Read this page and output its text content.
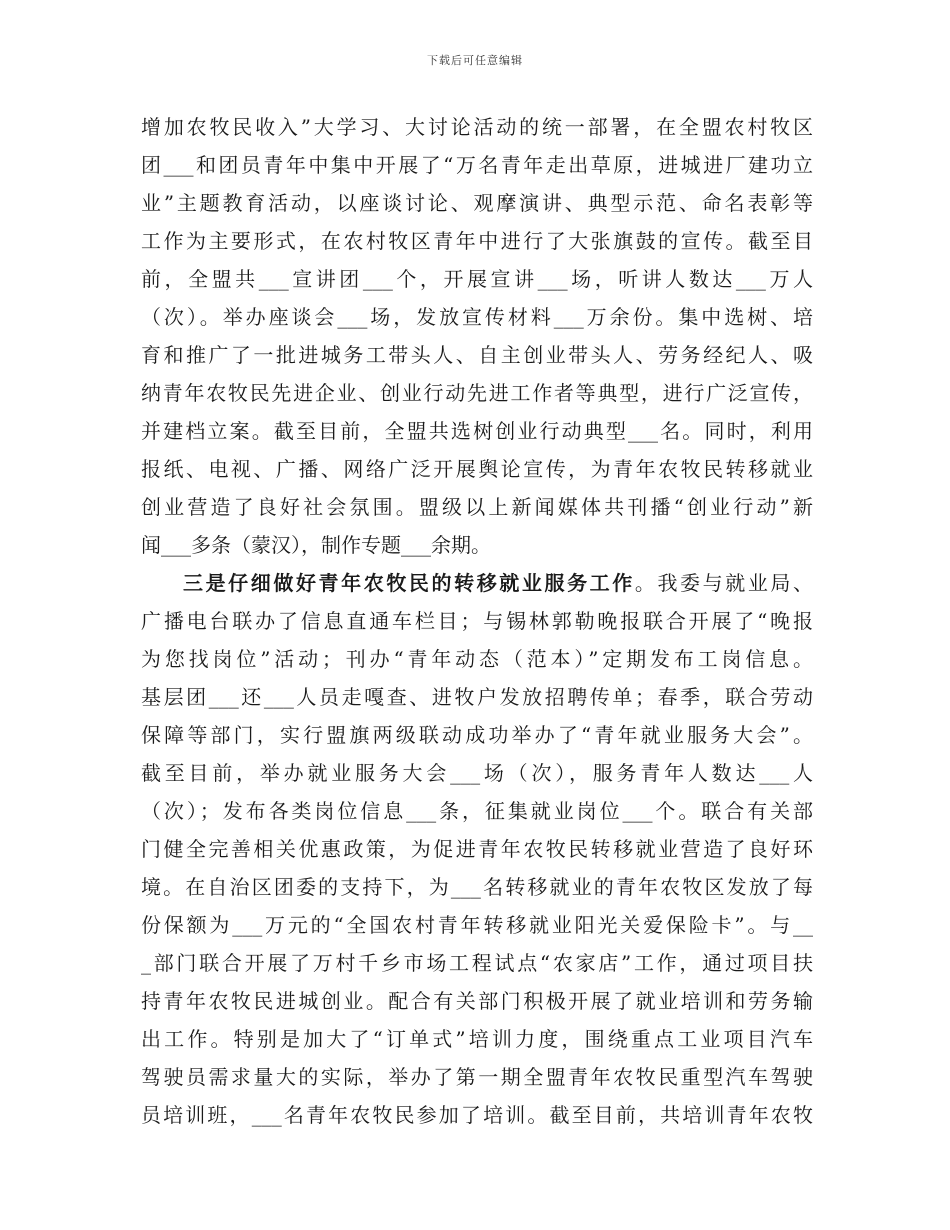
下载后可任意编辑
增加农牧民收入”大学习、大讨论活动的统一部署，在全盟农村牧区
团___和团员青年中集中开展了“万名青年走出草原，进城进厂建功立
业”主题教育活动，以座谈讨论、观摩演讲、典型示范、命名表彰等
工作为主要形式，在农村牧区青年中进行了大张旗鼓的宣传。截至目
前，全盟共___宣讲团___个，开展宣讲___场，听讲人数达___万人
（次）。举办座谈会___场，发放宣传材料___万余份。集中选树、培
育和推广了一批进城务工带头人、自主创业带头人、劳务经纪人、吸
纳青年农牧民先进企业、创业行动先进工作者等典型，进行广泛宣传，
并建档立案。截至目前，全盟共选树创业行动典型___名。同时，利用
报纸、电视、广播、网络广泛开展舆论宣传，为青年农牧民转移就业
创业营造了良好社会氛围。盟级以上新闻媒体共刊播“创业行动”新
闻___多条（蒙汉），制作专题___余期。
三是仔细做好青年农牧民的转移就业服务工作。我委与就业局、
广播电台联办了信息直通车栏目；与锡林郭勒晚报联合开展了“晚报
为您找岗位”活动；刊办“青年动态（范本）”定期发布工岗信息。
基层团___还___人员走嘎查、进牧户发放招聘传单；春季，联合劳动
保障等部门，实行盟旗两级联动成功举办了“青年就业服务大会”。
截至目前，举办就业服务大会___场（次），服务青年人数达___人
（次）；发布各类岗位信息___条，征集就业岗位___个。联合有关部
门健全完善相关优惠政策，为促进青年农牧民转移就业营造了良好环
境。在自治区团委的支持下，为___名转移就业的青年农牧区发放了每
份保额为___万元的“全国农村青年转移就业阳光关爱保险卡”。与__
_部门联合开展了万村千乡市场工程试点“农家店”工作，通过项目扶
持青年农牧民进城创业。配合有关部门积极开展了就业培训和劳务输
出工作。特别是加大了“订单式”培训力度，围绕重点工业项目汽车
驾驶员需求量大的实际，举办了第一期全盟青年农牧民重型汽车驾驶
员培训班，___名青年农牧民参加了培训。截至目前，共培训青年农牧
